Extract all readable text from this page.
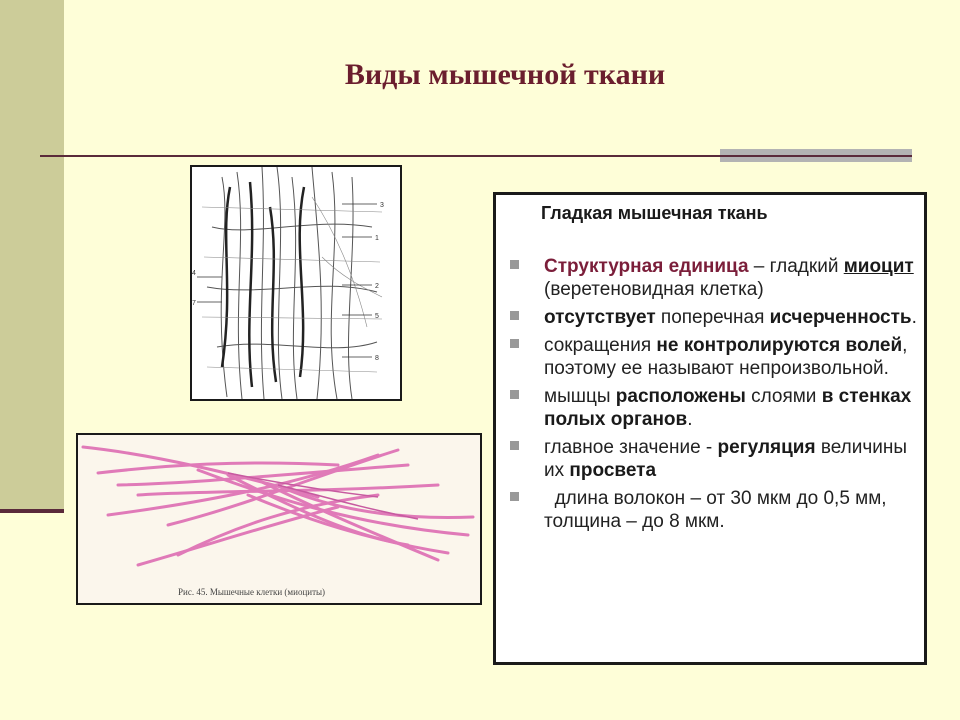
Виды мышечной ткани
3
1
4
7
2
5
8
Рис. 45. Мышечные клетки (миоциты)
Гладкая мышечная ткань
Структурная единица – гладкий миоцит (веретеновидная клетка)
отсутствует поперечная исчерченность.
сокращения не контролируются волей, поэтому ее называют непроизвольной.
мышцы расположены слоями в стенках полых органов.
главное значение - регуляция величины их просвета
длина волокон – от 30 мкм до 0,5 мм, толщина – до 8 мкм.
